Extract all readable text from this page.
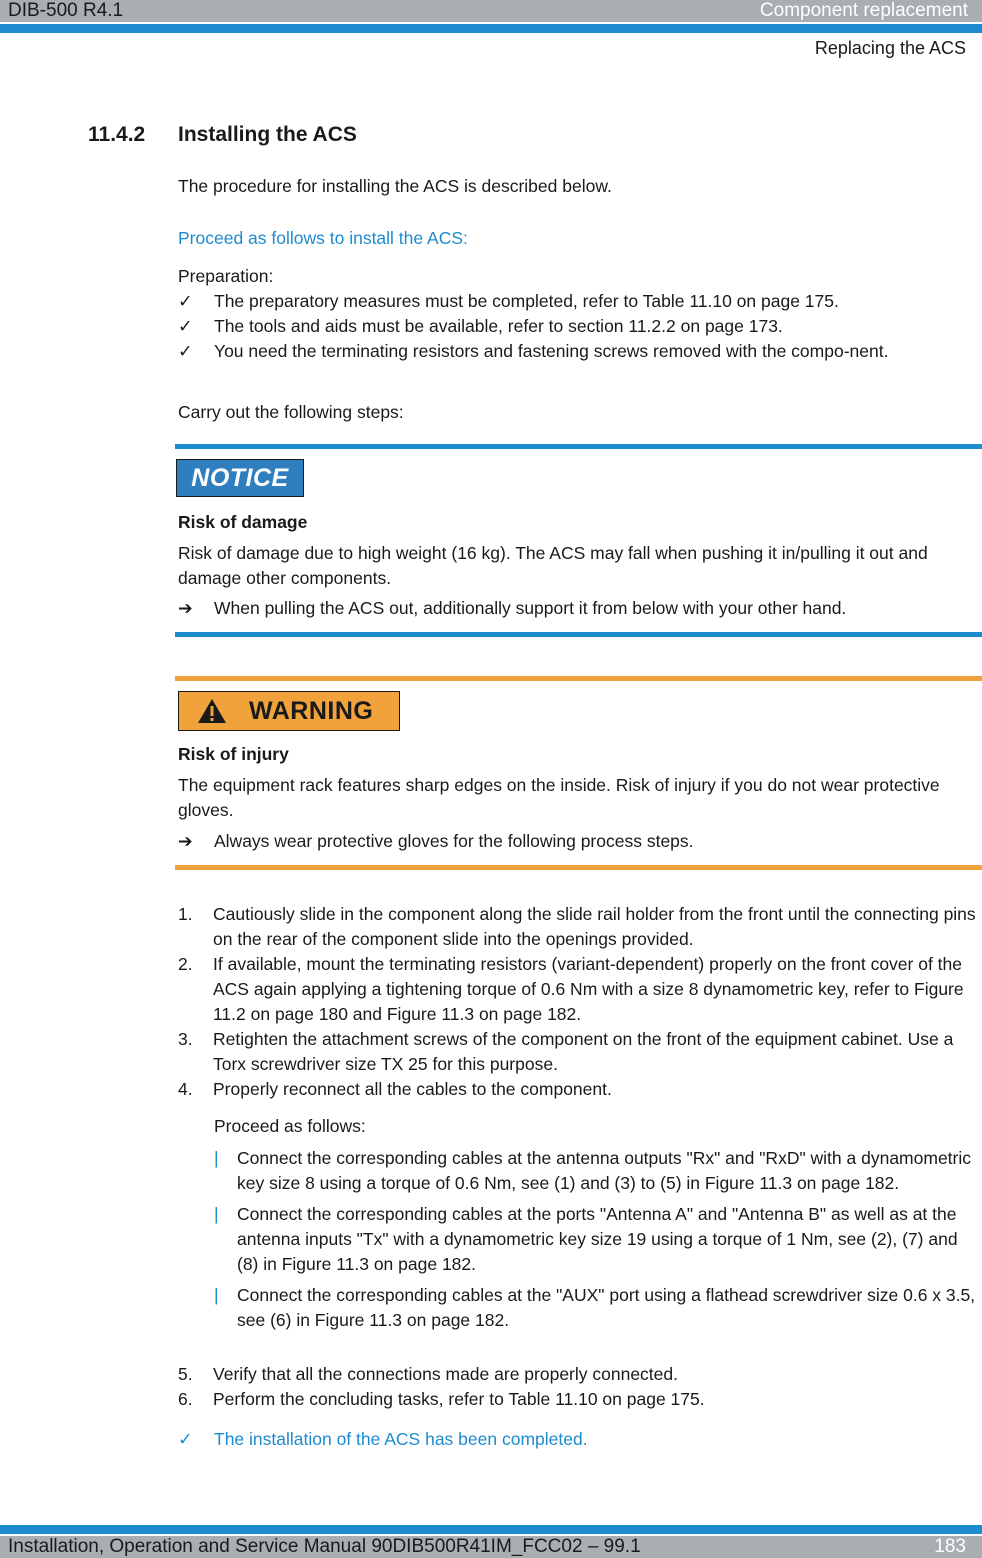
DIB-500 R4.1	Component replacement
Replacing the ACS
11.4.2 Installing the ACS
The procedure for installing the ACS is described below.
Proceed as follows to install the ACS:
Preparation:
✓	The preparatory measures must be completed, refer to Table 11.10 on page 175.
✓	The tools and aids must be available, refer to section 11.2.2 on page 173.
✓	You need the terminating resistors and fastening screws removed with the compo-nent.
Carry out the following steps:
NOTICE
Risk of damage
Risk of damage due to high weight (16 kg). The ACS may fall when pushing it in/pulling it out and damage other components.
➔	When pulling the ACS out, additionally support it from below with your other hand.
WARNING
Risk of injury
The equipment rack features sharp edges on the inside. Risk of injury if you do not wear protective gloves.
➔	Always wear protective gloves for the following process steps.
1. Cautiously slide in the component along the slide rail holder from the front until the connecting pins on the rear of the component slide into the openings provided.
2. If available, mount the terminating resistors (variant-dependent) properly on the front cover of the ACS again applying a tightening torque of 0.6 Nm with a size 8 dynamometric key, refer to Figure 11.2 on page 180 and Figure 11.3 on page 182.
3. Retighten the attachment screws of the component on the front of the equipment cabinet. Use a Torx screwdriver size TX 25 for this purpose.
4. Properly reconnect all the cables to the component.
Proceed as follows:
| Connect the corresponding cables at the antenna outputs "Rx" and "RxD" with a dynamometric key size 8 using a torque of 0.6 Nm, see (1) and (3) to (5) in Figure 11.3 on page 182.
| Connect the corresponding cables at the ports "Antenna A" and "Antenna B" as well as at the antenna inputs "Tx" with a dynamometric key size 19 using a torque of 1 Nm, see (2), (7) and (8) in Figure 11.3 on page 182.
| Connect the corresponding cables at the "AUX" port using a flathead screwdriver size 0.6 x 3.5, see (6) in Figure 11.3 on page 182.
5. Verify that all the connections made are properly connected.
6. Perform the concluding tasks, refer to Table 11.10 on page 175.
✓	The installation of the ACS has been completed.
Installation, Operation and Service Manual 90DIB500R41IM_FCC02 – 99.1	183
